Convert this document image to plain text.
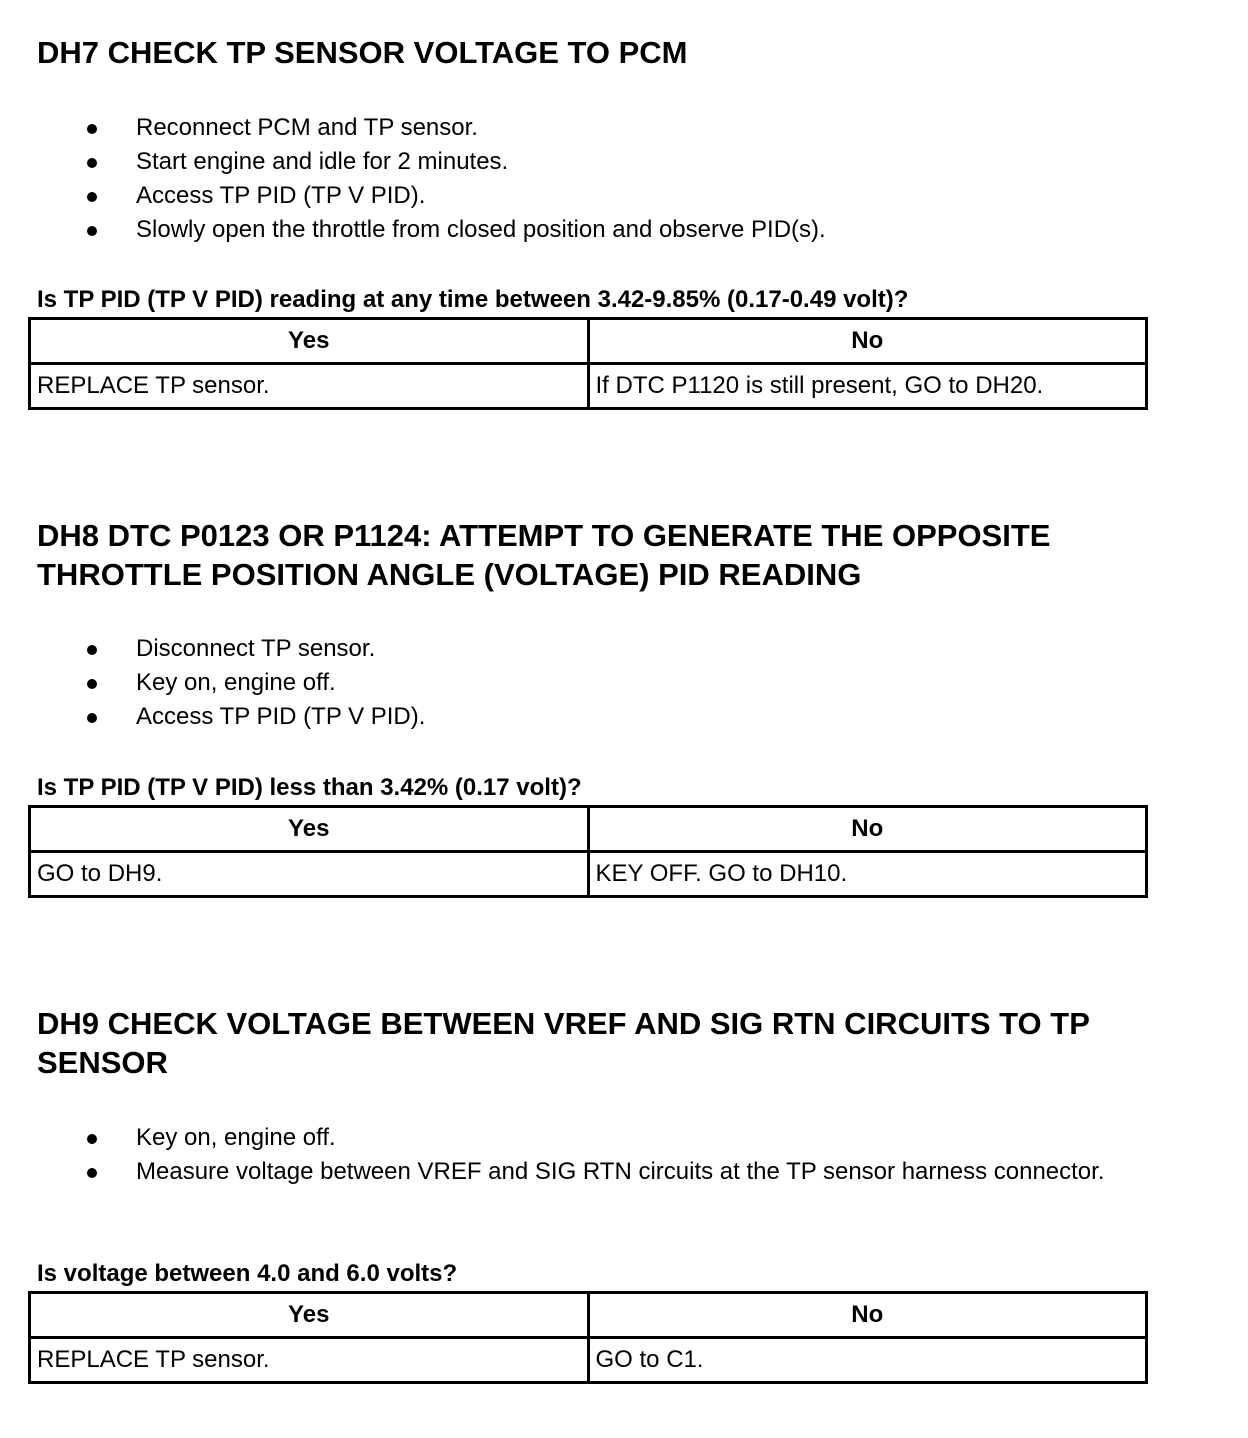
DH7 CHECK TP SENSOR VOLTAGE TO PCM
Reconnect PCM and TP sensor.
Start engine and idle for 2 minutes.
Access TP PID (TP V PID).
Slowly open the throttle from closed position and observe PID(s).

Is TP PID (TP V PID) reading at any time between 3.42-9.85% (0.17-0.49 volt)?

Yes	No
REPLACE TP sensor.	If DTC P1120 is still present, GO to DH20.
DH8 DTC P0123 OR P1124: ATTEMPT TO GENERATE THE OPPOSITE THROTTLE POSITION ANGLE (VOLTAGE) PID READING
Disconnect TP sensor.
Key on, engine off.
Access TP PID (TP V PID).

Is TP PID (TP V PID) less than 3.42% (0.17 volt)?

Yes	No
GO to DH9.	KEY OFF. GO to DH10.
DH9 CHECK VOLTAGE BETWEEN VREF AND SIG RTN CIRCUITS TO TP SENSOR
Key on, engine off.
Measure voltage between VREF and SIG RTN circuits at the TP sensor harness connector.

Is voltage between 4.0 and 6.0 volts?

Yes	No
REPLACE TP sensor.	GO to C1.
